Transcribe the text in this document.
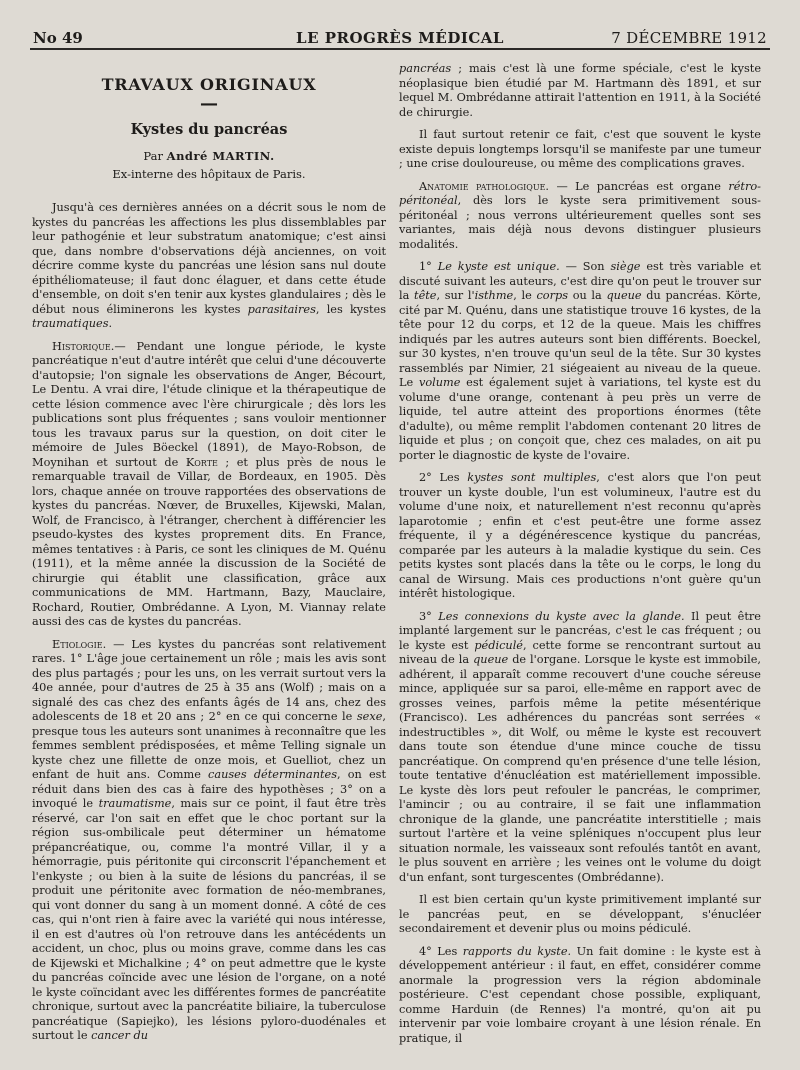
No 49	LE PROGRÈS MÉDICAL	7 DÉCEMBRE 1912
TRAVAUX ORIGINAUX
—
Kystes du pancréas
Par André MARTIN.
Ex-interne des hôpitaux de Paris.

Jusqu'à ces dernières années on a décrit sous le nom de kystes du pancréas les affections les plus dissemblables par leur pathogénie et leur substratum anatomique; c'est ainsi que, dans nombre d'observations déjà anciennes, on voit décrire comme kyste du pancréas une lésion sans nul doute épithéliomateuse; il faut donc élaguer, et dans cette étude d'ensemble, on doit s'en tenir aux kystes glandulaires ; dès le début nous éliminerons les kystes parasitaires, les kystes traumatiques.

Historique.— Pendant une longue période, le kyste pancréatique n'eut d'autre intérêt que celui d'une découverte d'autopsie; l'on signale les observations de Anger, Bécourt, Le Dentu. A vrai dire, l'étude clinique et la thérapeutique de cette lésion commence avec l'ère chirurgicale ; dès lors les publications sont plus fréquentes ; sans vouloir mentionner tous les travaux parus sur la question, on doit citer le mémoire de Jules Böeckel (1891), de Mayo-Robson, de Moynihan et surtout de Korte ; et plus près de nous le remarquable travail de Villar, de Bordeaux, en 1905. Dès lors, chaque année on trouve rapportées des observations de kystes du pancréas. Nœver, de Bruxelles, Kijewski, Malan, Wolf, de Francisco, à l'étranger, cherchent à différencier les pseudo-kystes des kystes proprement dits. En France, mêmes tentatives : à Paris, ce sont les cliniques de M. Quénu (1911), et la même année la discussion de la Société de chirurgie qui établit une classification, grâce aux communications de MM. Hartmann, Bazy, Mauclaire, Rochard, Routier, Ombrédanne. A Lyon, M. Viannay relate aussi des cas de kystes du pancréas.

Etiologie. — Les kystes du pancréas sont relativement rares. 1° L'âge joue certainement un rôle ; mais les avis sont des plus partagés ; pour les uns, on les verrait surtout vers la 40e année, pour d'autres de 25 à 35 ans (Wolf) ; mais on a signalé des cas chez des enfants âgés de 14 ans, chez des adolescents de 18 et 20 ans ; 2° en ce qui concerne le sexe, presque tous les auteurs sont unanimes à reconnaître que les femmes semblent prédisposées, et même Telling signale un kyste chez une fillette de onze mois, et Guelliot, chez un enfant de huit ans. Comme causes déterminantes, on est réduit dans bien des cas à faire des hypothèses ; 3° on a invoqué le traumatisme, mais sur ce point, il faut être très réservé, car l'on sait en effet que le choc portant sur la région sus-ombilicale peut déterminer un hématome prépancréatique, ou, comme l'a montré Villar, il y a hémorragie, puis péritonite qui circonscrit l'épanchement et l'enkyste ; ou bien à la suite de lésions du pancréas, il se produit une péritonite avec formation de néo-membranes, qui vont donner du sang à un moment donné. A côté de ces cas, qui n'ont rien à faire avec la variété qui nous intéresse, il en est d'autres où l'on retrouve dans les antécédents un accident, un choc, plus ou moins grave, comme dans les cas de Kijewski et Michalkine ; 4° on peut admettre que le kyste du pancréas coïncide avec une lésion de l'organe, on a noté le kyste coïncidant avec les différentes formes de pancréatite chronique, surtout avec la pancréatite biliaire, la tuberculose pancréatique (Sapiejko), les lésions pyloro-duodénales et surtout le cancer du

pancréas ; mais c'est là une forme spéciale, c'est le kyste néoplasique bien étudié par M. Hartmann dès 1891, et sur lequel M. Ombrédanne attirait l'attention en 1911, à la Société de chirurgie.

Il faut surtout retenir ce fait, c'est que souvent le kyste existe depuis longtemps lorsqu'il se manifeste par une tumeur ; une crise douloureuse, ou même des complications graves.

Anatomie pathologique. — Le pancréas est organe rétro-péritonéal, dès lors le kyste sera primitivement sous-péritonéal ; nous verrons ultérieurement quelles sont ses variantes, mais déjà nous devons distinguer plusieurs modalités.

1° Le kyste est unique. — Son siège est très variable et discuté suivant les auteurs, c'est dire qu'on peut le trouver sur la tête, sur l'isthme, le corps ou la queue du pancréas. Körte, cité par M. Quénu, dans une statistique trouve 16 kystes, de la tête pour 12 du corps, et 12 de la queue. Mais les chiffres indiqués par les autres auteurs sont bien différents. Boeckel, sur 30 kystes, n'en trouve qu'un seul de la tête. Sur 30 kystes rassemblés par Nimier, 21 siégeaient au niveau de la queue. Le volume est également sujet à variations, tel kyste est du volume d'une orange, contenant à peu près un verre de liquide, tel autre atteint des proportions énormes (tête d'adulte), ou même remplit l'abdomen contenant 20 litres de liquide et plus ; on conçoit que, chez ces malades, on ait pu porter le diagnostic de kyste de l'ovaire.

2° Les kystes sont multiples, c'est alors que l'on peut trouver un kyste double, l'un est volumineux, l'autre est du volume d'une noix, et naturellement n'est reconnu qu'après laparotomie ; enfin et c'est peut-être une forme assez fréquente, il y a dégénérescence kystique du pancréas, comparée par les auteurs à la maladie kystique du sein. Ces petits kystes sont placés dans la tête ou le corps, le long du canal de Wirsung. Mais ces productions n'ont guère qu'un intérêt histologique.

3° Les connexions du kyste avec la glande. Il peut être implanté largement sur le pancréas, c'est le cas fréquent ; ou le kyste est pédiculé, cette forme se rencontrant surtout au niveau de la queue de l'organe. Lorsque le kyste est immobile, adhérent, il apparaît comme recouvert d'une couche séreuse mince, appliquée sur sa paroi, elle-même en rapport avec de grosses veines, parfois même la petite mésentérique (Francisco). Les adhérences du pancréas sont serrées « indestructibles », dit Wolf, ou même le kyste est recouvert dans toute son étendue d'une mince couche de tissu pancréatique. On comprend qu'en présence d'une telle lésion, toute tentative d'énucléation est matériellement impossible. Le kyste dès lors peut refouler le pancréas, le comprimer, l'amincir ; ou au contraire, il se fait une inflammation chronique de la glande, une pancréatite interstitielle ; mais surtout l'artère et la veine spléniques n'occupent plus leur situation normale, les vaisseaux sont refoulés tantôt en avant, le plus souvent en arrière ; les veines ont le volume du doigt d'un enfant, sont turgescentes (Ombrédanne).

Il est bien certain qu'un kyste primitivement implanté sur le pancréas peut, en se développant, s'énucléer secondairement et devenir plus ou moins pédiculé.

4° Les rapports du kyste. Un fait domine : le kyste est à développement antérieur : il faut, en effet, considérer comme anormale la progression vers la région abdominale postérieure. C'est cependant chose possible, expliquant, comme Harduin (de Rennes) l'a montré, qu'on ait pu intervenir par voie lombaire croyant à une lésion rénale. En pratique, il
